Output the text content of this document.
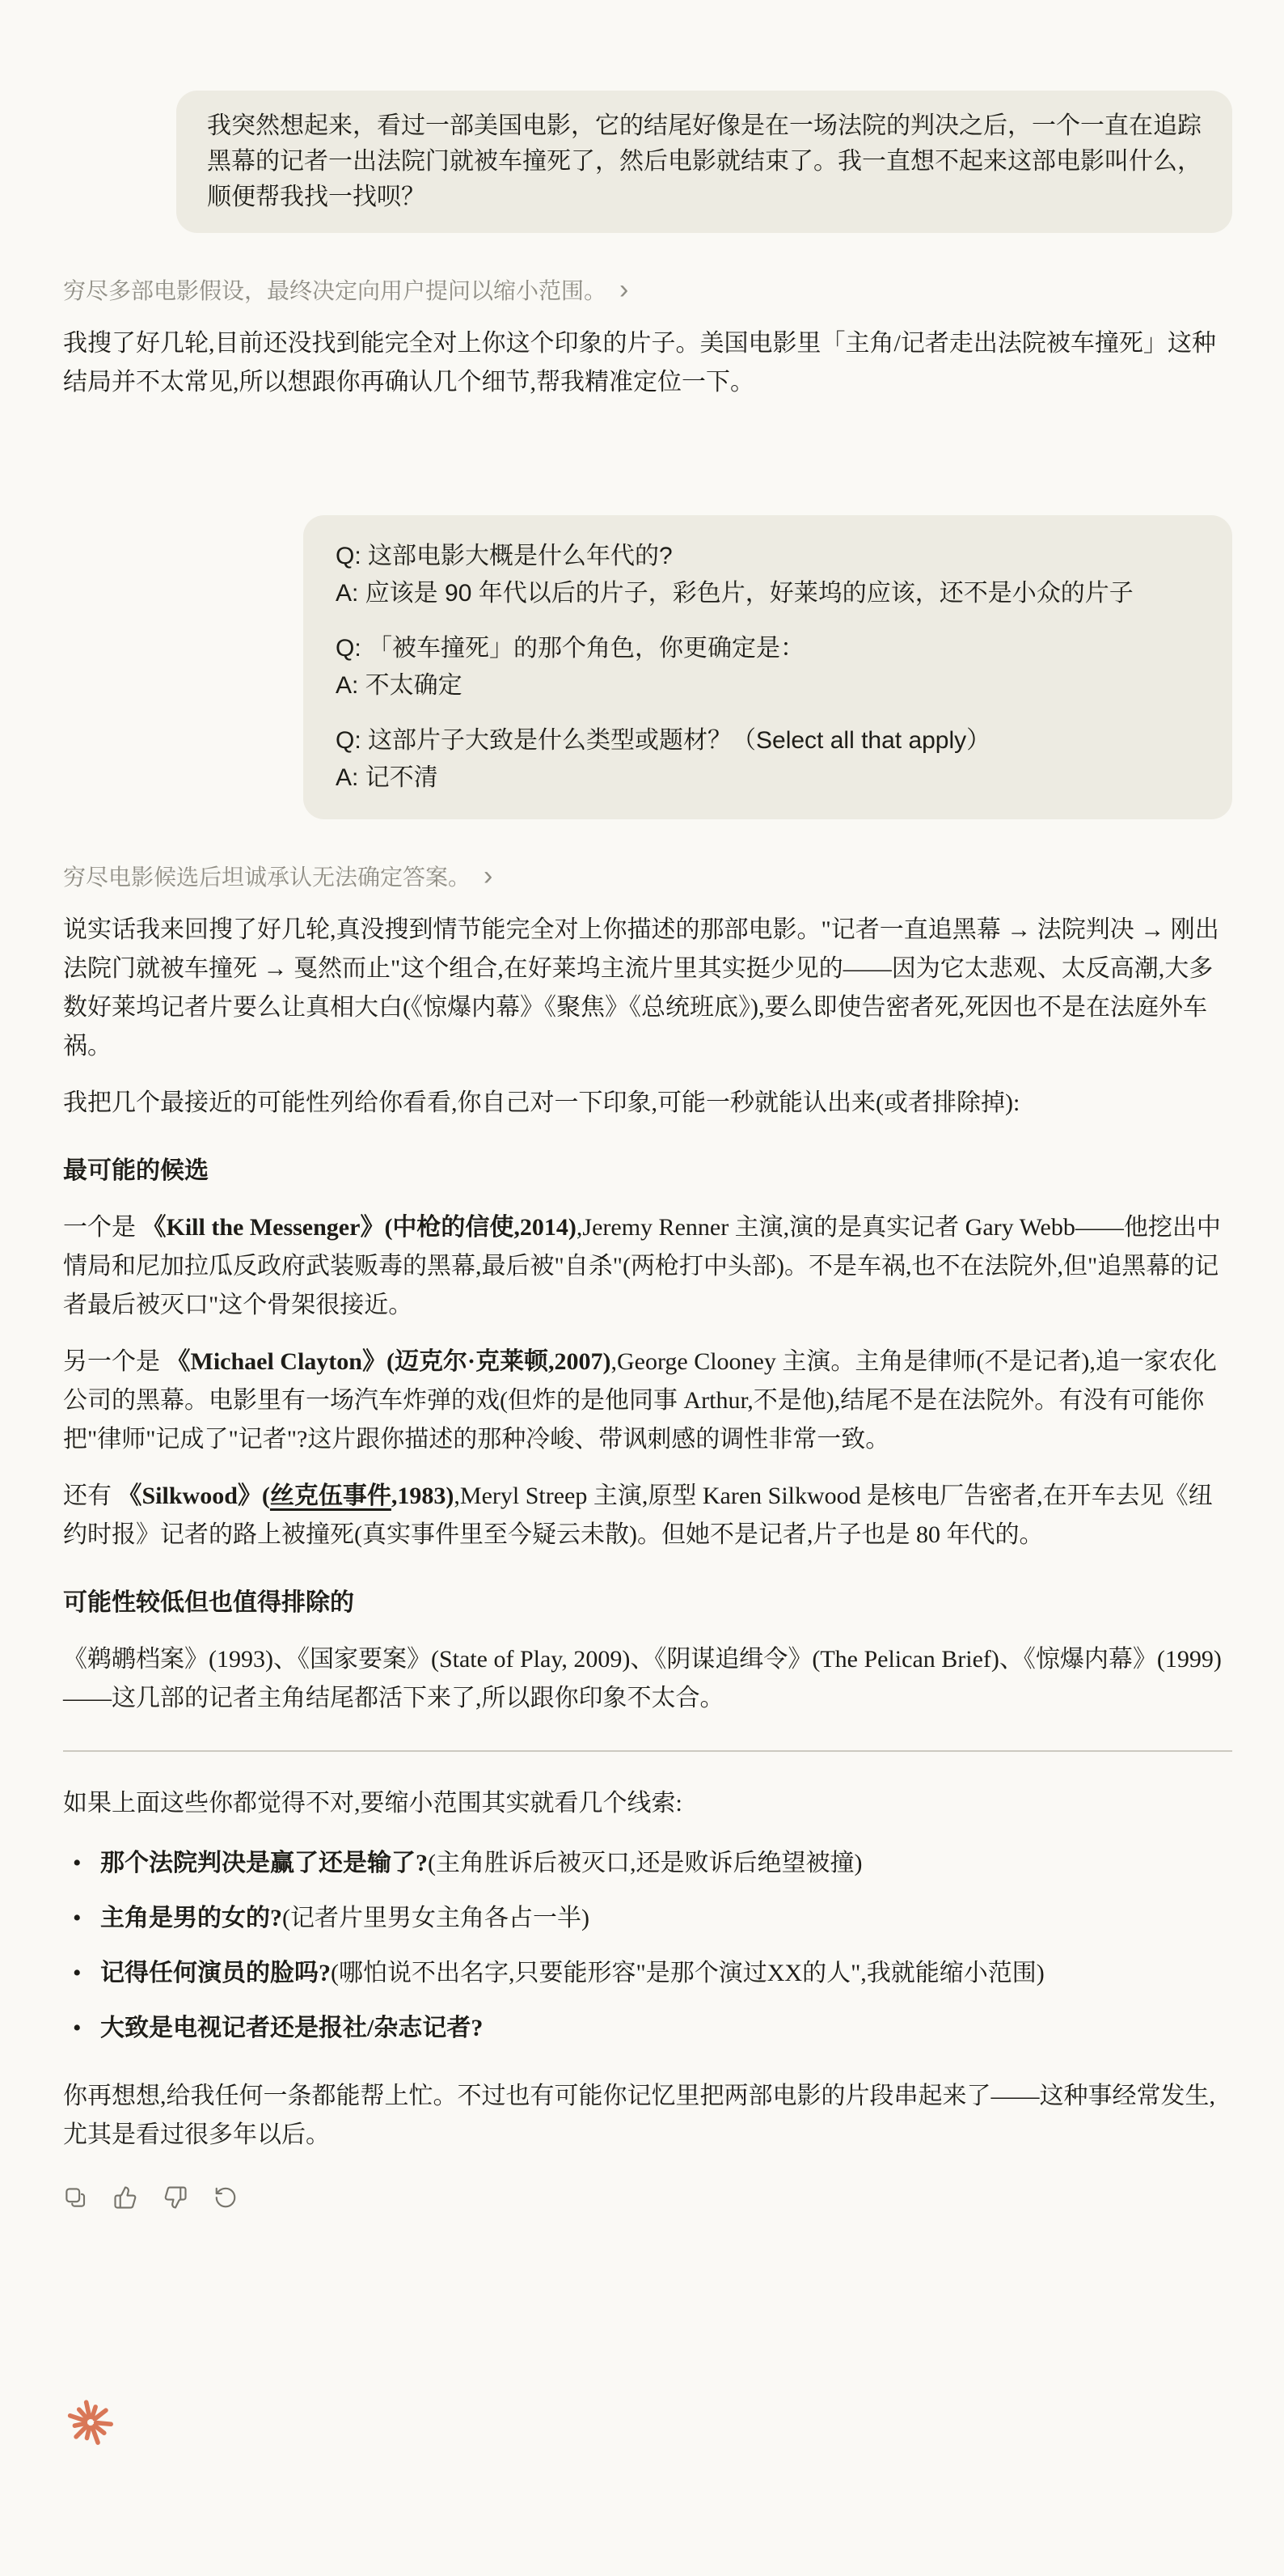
我突然想起来，看过一部美国电影，它的结尾好像是在一场法院的判决之后，一个一直在追踪黑幕的记者一出法院门就被车撞死了，然后电影就结束了。我一直想不起来这部电影叫什么，顺便帮我找一找呗？
穷尽多部电影假设，最终决定向用户提问以缩小范围。 ›

我搜了好几轮,目前还没找到能完全对上你这个印象的片子。美国电影里「主角/记者走出法院被车撞死」这种结局并不太常见,所以想跟你再确认几个细节,帮我精准定位一下。

Q: 这部电影大概是什么年代的?
A: 应该是 90 年代以后的片子，彩色片，好莱坞的应该，还不是小众的片子
Q: 「被车撞死」的那个角色，你更确定是：
A: 不太确定
Q: 这部片子大致是什么类型或题材？（Select all that apply）
A: 记不清
穷尽电影候选后坦诚承认无法确定答案。 ›

说实话我来回搜了好几轮,真没搜到情节能完全对上你描述的那部电影。"记者一直追黑幕 → 法院判决 → 刚出法院门就被车撞死 → 戛然而止"这个组合,在好莱坞主流片里其实挺少见的——因为它太悲观、太反高潮,大多数好莱坞记者片要么让真相大白(《惊爆内幕》《聚焦》《总统班底》),要么即使告密者死,死因也不是在法庭外车祸。

我把几个最接近的可能性列给你看看,你自己对一下印象,可能一秒就能认出来(或者排除掉):

最可能的候选

一个是 《Kill the Messenger》(中枪的信使,2014),Jeremy Renner 主演,演的是真实记者 Gary Webb——他挖出中情局和尼加拉瓜反政府武装贩毒的黑幕,最后被"自杀"(两枪打中头部)。不是车祸,也不在法院外,但"追黑幕的记者最后被灭口"这个骨架很接近。

另一个是 《Michael Clayton》(迈克尔·克莱顿,2007),George Clooney 主演。主角是律师(不是记者),追一家农化公司的黑幕。电影里有一场汽车炸弹的戏(但炸的是他同事 Arthur,不是他),结尾不是在法院外。有没有可能你把"律师"记成了"记者"?这片跟你描述的那种冷峻、带讽刺感的调性非常一致。

还有 《Silkwood》(丝克伍事件,1983),Meryl Streep 主演,原型 Karen Silkwood 是核电厂告密者,在开车去见《纽约时报》记者的路上被撞死(真实事件里至今疑云未散)。但她不是记者,片子也是 80 年代的。

可能性较低但也值得排除的

《鹈鹕档案》(1993)、《国家要案》(State of Play, 2009)、《阴谋追缉令》(The Pelican Brief)、《惊爆内幕》(1999)——这几部的记者主角结尾都活下来了,所以跟你印象不太合。

如果上面这些你都觉得不对,要缩小范围其实就看几个线索:

• 那个法院判决是赢了还是输了?(主角胜诉后被灭口,还是败诉后绝望被撞)
• 主角是男的女的?(记者片里男女主角各占一半)
• 记得任何演员的脸吗?(哪怕说不出名字,只要能形容"是那个演过XX的人",我就能缩小范围)
• 大致是电视记者还是报社/杂志记者?

你再想想,给我任何一条都能帮上忙。不过也有可能你记忆里把两部电影的片段串起来了——这种事经常发生,尤其是看过很多年以后。
